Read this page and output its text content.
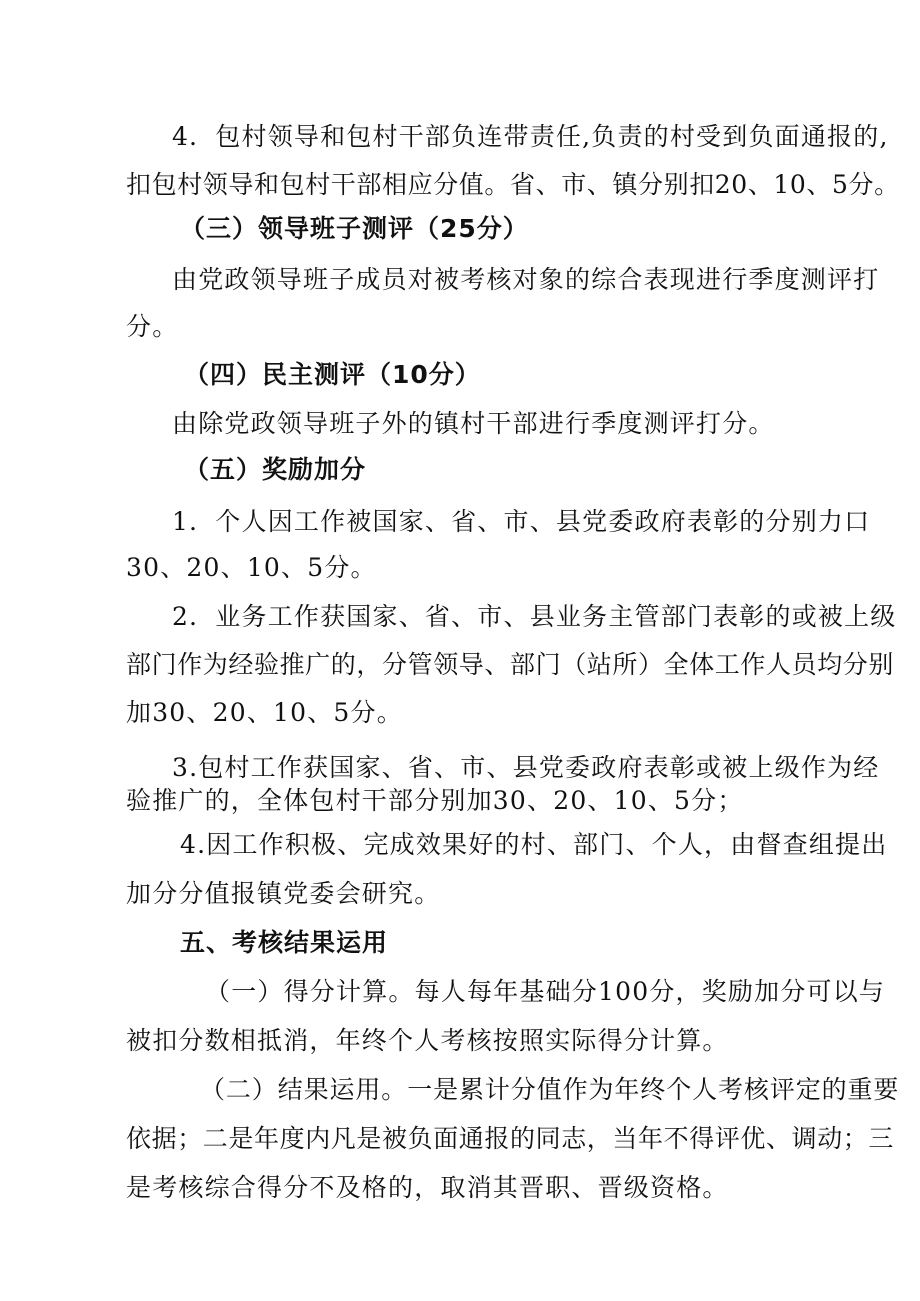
4．包村领导和包村干部负连带责任,负责的村受到负面通报的,
扣包村领导和包村干部相应分值。省、市、镇分别扣20、10、5分。
（三）领导班子测评（25分）
由党政领导班子成员对被考核对象的综合表现进行季度测评打
分。
（四）民主测评（10分）
由除党政领导班子外的镇村干部进行季度测评打分。
（五）奖励加分
1．个人因工作被国家、省、市、县党委政府表彰的分别力口
30、20、10、5分。
2．业务工作获国家、省、市、县业务主管部门表彰的或被上级
部门作为经验推广的，分管领导、部门（站所）全体工作人员均分别
加30、20、10、5分。
3.包村工作获国家、省、市、县党委政府表彰或被上级作为经
验推广的，全体包村干部分别加30、20、10、5分；
4.因工作积极、完成效果好的村、部门、个人，由督查组提出
加分分值报镇党委会研究。
五、考核结果运用
（一）得分计算。每人每年基础分100分，奖励加分可以与
被扣分数相抵消，年终个人考核按照实际得分计算。
（二）结果运用。一是累计分值作为年终个人考核评定的重要
依据；二是年度内凡是被负面通报的同志，当年不得评优、调动；三
是考核综合得分不及格的，取消其晋职、晋级资格。
